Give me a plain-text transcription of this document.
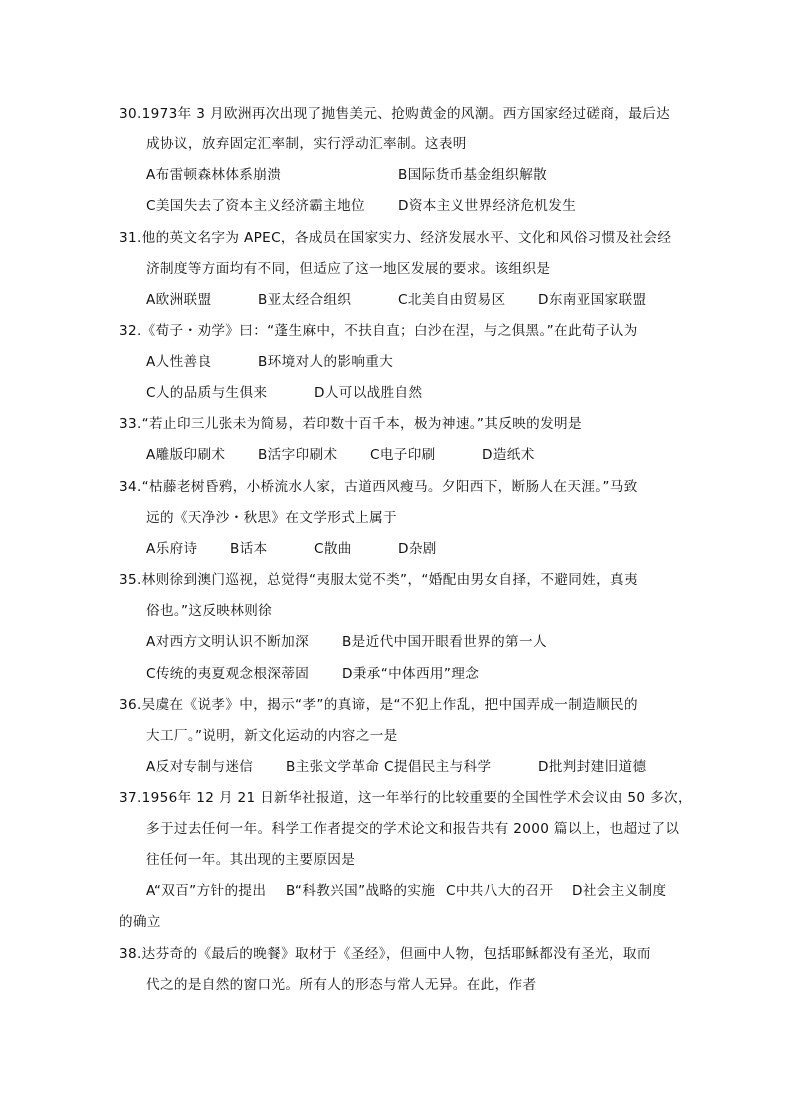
30.1973年 3 月欧洲再次出现了抛售美元、抢购黄金的风潮。西方国家经过磋商，最后达
成协议，放弃固定汇率制，实行浮动汇率制。这表明
A布雷顿森林体系崩溃	B国际货币基金组织解散
C美国失去了资本主义经济霸主地位 D资本主义世界经济危机发生
31.他的英文名字为 APEC，各成员在国家实力、经济发展水平、文化和风俗习惯及社会经
济制度等方面均有不同，但适应了这一地区发展的要求。该组织是
A欧洲联盟	B亚太经合组织	C北美自由贸易区 D东南亚国家联盟
32.《荀子・劝学》曰：“蓬生麻中，不扶自直；白沙在涅，与之俱黑。”在此荀子认为
A人性善良	B环境对人的影响重大
C人的品质与生俱来	D人可以战胜自然
33.“若止印三儿张未为简易，若印数十百千本，极为神速。”其反映的发明是
A雕版印刷术 B活字印刷术 C电子印刷	D造纸术
34.“枯藤老树昏鸦，小桥流水人家，古道西风瘦马。夕阳西下，断肠人在天涯。”马致
远的《天净沙・秋思》在文学形式上属于
A乐府诗 B话本	C散曲	D杂剧
35.林则徐到澳门巡视，总觉得“夷服太觉不类”，“婚配由男女自择，不避同姓，真夷
俗也。”这反映林则徐
A对西方文明认识不断加深 B是近代中国开眼看世界的第一人
C传统的夷夏观念根深蒂固 D秉承“中体西用”理念
36.吴虞在《说孝》中，揭示“孝”的真谛，是“不犯上作乱，把中国弄成一制造顺民的
大工厂。”说明，新文化运动的内容之一是
A反对专制与迷信 B主张文学革命 C提倡民主与科学	D批判封建旧道德
37.1956年 12 月 21 日新华社报道，这一年举行的比较重要的全国性学术会议由 50 多次，
多于过去任何一年。科学工作者提交的学术论文和报告共有 2000 篇以上，也超过了以
往任何一年。其出现的主要原因是
A“双百”方针的提出 B“科教兴国”战略的实施 C中共八大的召开 D社会主义制度
的确立
38.达芬奇的《最后的晚餐》取材于《圣经》，但画中人物，包括耶稣都没有圣光，取而
代之的是自然的窗口光。所有人的形态与常人无异。在此，作者
